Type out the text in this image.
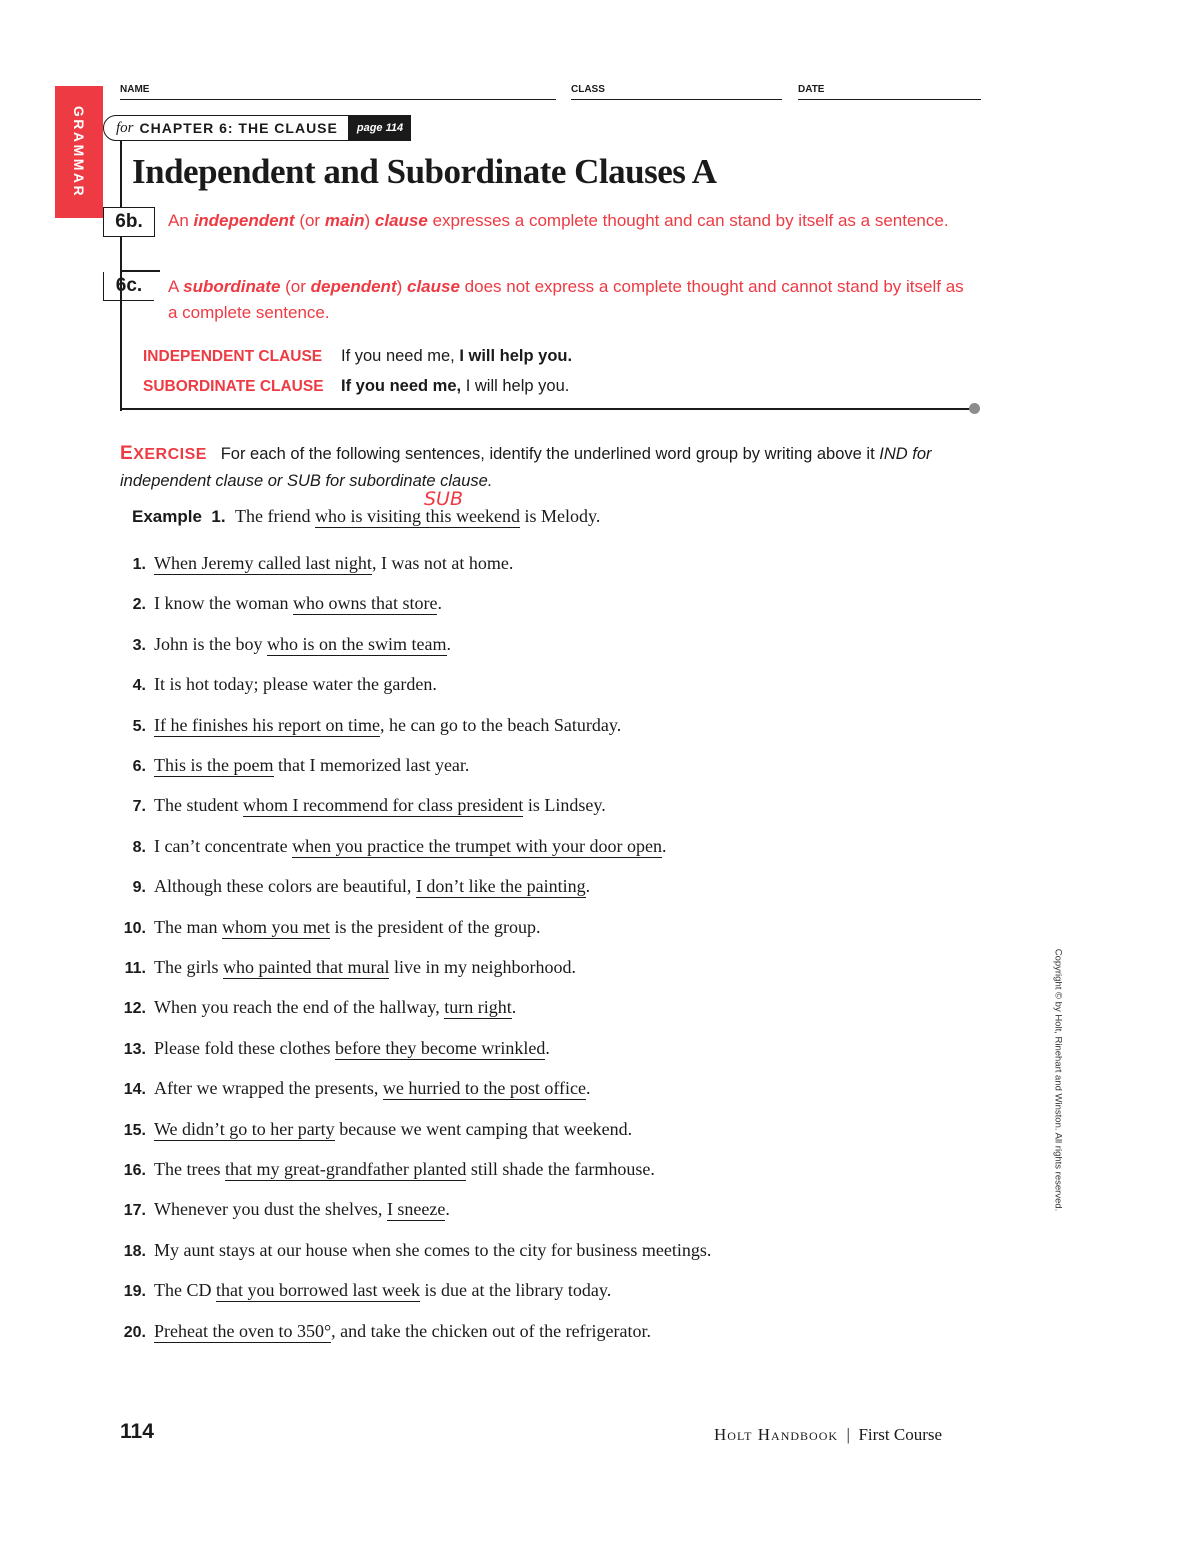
GRAMMAR
NAME	CLASS	DATE
for CHAPTER 6: THE CLAUSE	page 114
Independent and Subordinate Clauses A
6b.	An independent (or main) clause expresses a complete thought and can stand by itself as a sentence.
6c.	A subordinate (or dependent) clause does not express a complete thought and cannot stand by itself as a complete sentence.
INDEPENDENT CLAUSE If you need me, I will help you.
SUBORDINATE CLAUSE If you need me, I will help you.
EXERCISE For each of the following sentences, identify the underlined word group by writing above it IND for independent clause or SUB for subordinate clause.
SUB
Example 1. The friend who is visiting this weekend is Melody.
1. When Jeremy called last night, I was not at home.
2. I know the woman who owns that store.
3. John is the boy who is on the swim team.
4. It is hot today; please water the garden.
5. If he finishes his report on time, he can go to the beach Saturday.
6. This is the poem that I memorized last year.
7. The student whom I recommend for class president is Lindsey.
8. I can’t concentrate when you practice the trumpet with your door open.
9. Although these colors are beautiful, I don’t like the painting.
10. The man whom you met is the president of the group.
11. The girls who painted that mural live in my neighborhood.
12. When you reach the end of the hallway, turn right.
13. Please fold these clothes before they become wrinkled.
14. After we wrapped the presents, we hurried to the post office.
15. We didn’t go to her party because we went camping that weekend.
16. The trees that my great-grandfather planted still shade the farmhouse.
17. Whenever you dust the shelves, I sneeze.
18. My aunt stays at our house when she comes to the city for business meetings.
19. The CD that you borrowed last week is due at the library today.
20. Preheat the oven to 350°, and take the chicken out of the refrigerator.
114	Holt Handbook | First Course
Copyright © by Holt, Rinehart and Winston. All rights reserved.
